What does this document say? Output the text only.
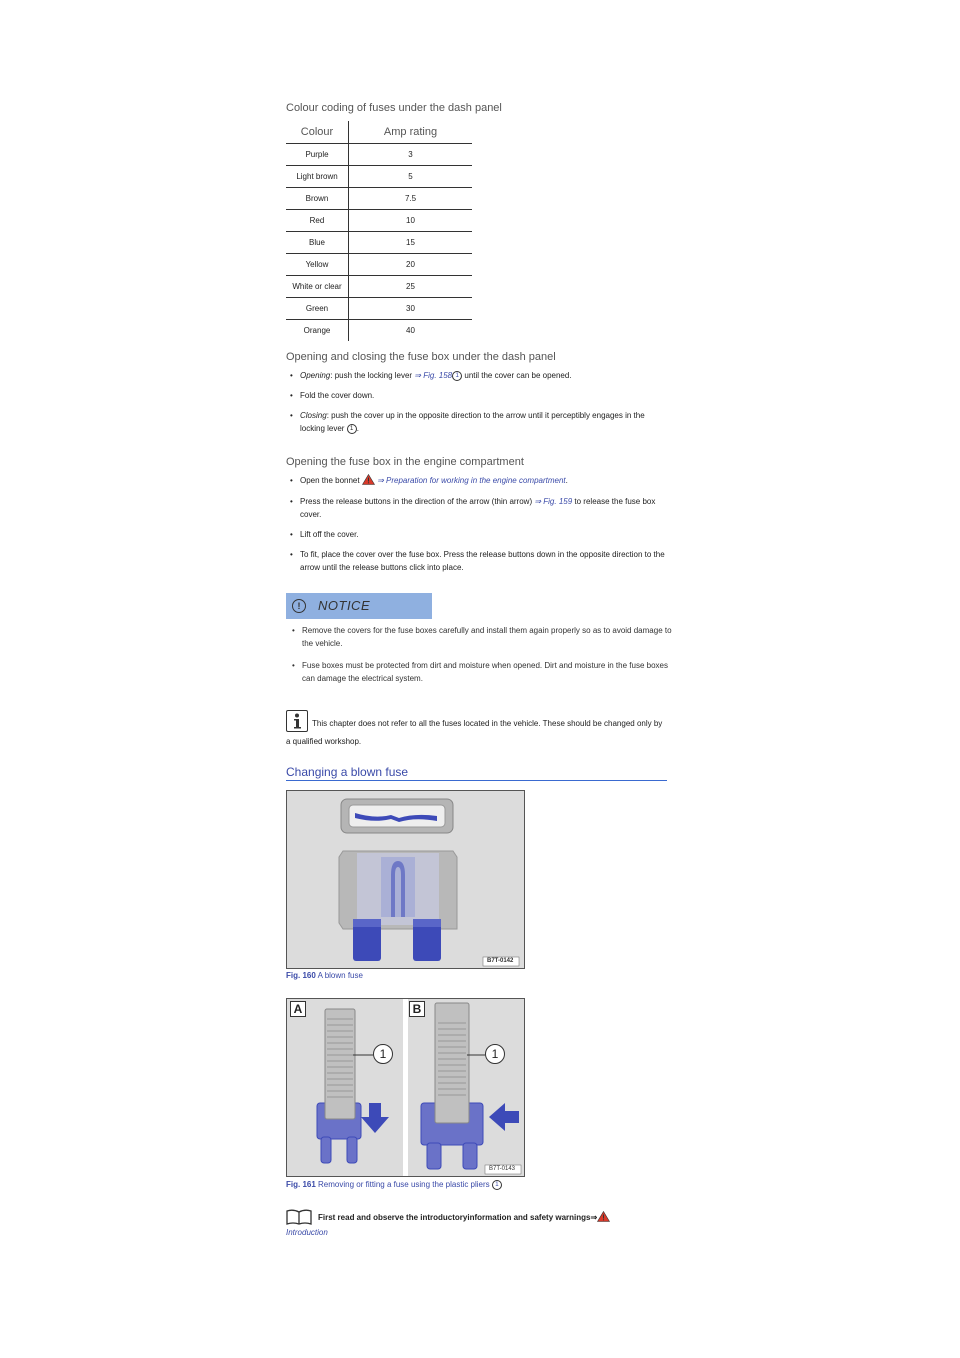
Colour coding of fuses under the dash panel
Colour	Amp rating
Purple	3
Light brown	5
Brown	7.5
Red	10
Blue	15
Yellow	20
White or clear	25
Green	30
Orange	40
Opening and closing the fuse box under the dash panel
• Opening: push the locking lever ⇒ Fig. 158 1 until the cover can be opened.
• Fold the cover down.
• Closing: push the cover up in the opposite direction to the arrow until it perceptibly engages in the locking lever 1 .
Opening the fuse box in the engine compartment
• Open the bonnet  ⇒ Preparation for working in the engine compartment.
• Press the release buttons in the direction of the arrow (thin arrow) ⇒ Fig. 159 to release the fuse box cover.
• Lift off the cover.
• To fit, place the cover over the fuse box. Press the release buttons down in the opposite direction to the arrow until the release buttons click into place.
!	NOTICE
• Remove the covers for the fuse boxes carefully and install them again properly so as to avoid damage to the vehicle.
• Fuse boxes must be protected from dirt and moisture when opened. Dirt and moisture in the fuse boxes can damage the electrical system.
This chapter does not refer to all the fuses located in the vehicle. These should be changed only by a qualified workshop.
Changing a blown fuse
B7T-0142
Fig. 160 A blown fuse
A	B
1	1
B7T-0143
Fig. 161 Removing or fitting a fuse using the plastic pliers 1
First read and observe the introductoryinformation and safety warnings⇒
Introduction
